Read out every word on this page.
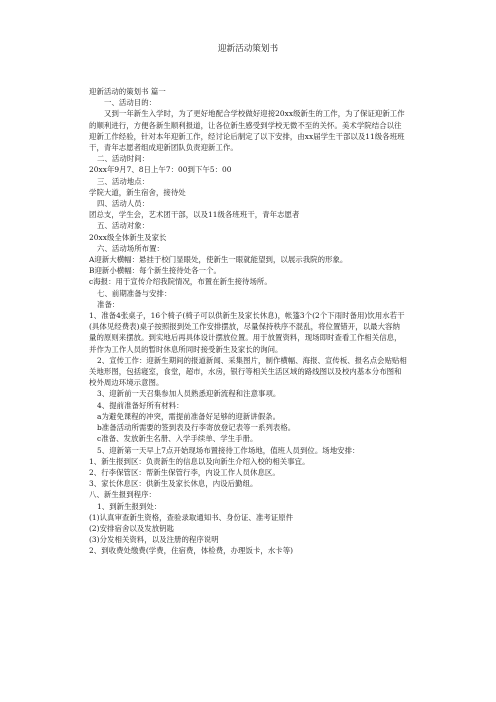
迎新活动策划书

迎新活动的策划书 篇一

一、活动目的：

又到一年新生入学时，为了更好地配合学校做好迎接20xx级新生的工作，为了保证迎新工作的顺利进行，方便各新生顺利报道，让各位新生感受到学校无微不至的关怀。美术学院结合以往迎新工作经验，针对本年迎新工作，经讨论后制定了以下安排，由xx届学生干部以及11级各班班干，青年志愿者组成迎新团队负责迎新工作。

二、活动时间：

20xx年9月7、8日上午7：00到下午5：00

三、活动地点：

学院大道，新生宿舍，接待处

四、活动人员：

团总支，学生会，艺术团干部，以及11级各班班干，青年志愿者

五、活动对象：

20xx级全体新生及家长

六、活动场所布置：

A迎新大横幅：悬挂于校门显眼处，使新生一眼就能望到，以展示我院的形象。

B迎新小横幅：每个新生接待处各一个。

c海报：用于宣传介绍我院情况，布置在新生接待场所。

七、前期准备与安排：

准备：

1、准备4张桌子，16个椅子(椅子可以供新生及家长休息)，帐篷3个(2个下雨时备用)饮用水若干(具体见经费表)桌子按照报到处工作安排摆放，尽量保持秩序不混乱，将位置错开，以最大容纳量的原则来摆放。到实地后再具体设计摆放位置。用于放置资料，现场即时查看工作相关信息，并作为工作人员的暂时休息所同时接受新生及家长的询问。

2、宣传工作：迎新生期间的报道新闻、采集图片，制作横幅、海报、宣传板、报名点会贴贴相关地形图，包括寝室，食堂，超市，水房，银行等相关生活区域的路线图以及校内基本分布图和校外周边环境示意图。

3、迎新前一天召集参加人员熟悉迎新流程和注意事项。

4、提前准备好所有材料：

a为避免课程的冲突，需提前准备好足够的迎新讲假条。

b准备活动所需要的签到表及行李寄放登记表等一系列表格。

c准备、发放新生名册、入学手续单、学生手册。

5、迎新第一天早上7点开始现场布置接待工作场地，值班人员到位。场地安排：

1、新生报到区：负责新生的信息以及向新生介绍入校的相关事宜。

2、行李保管区：帮新生保管行李，内设工作人员休息区。

3、家长休息区：供新生及家长休息，内设后勤组。

八、新生报到程序：

1、到新生报到处：

(1)认真审查新生资格，查验录取通知书、身份证、准考证原件

(2)安排宿舍以及发放钥匙

(3)分发相关资料，以及注册的程序说明

2、到收费处缴费(学费，住宿费，体检费，办理饭卡，水卡等)
